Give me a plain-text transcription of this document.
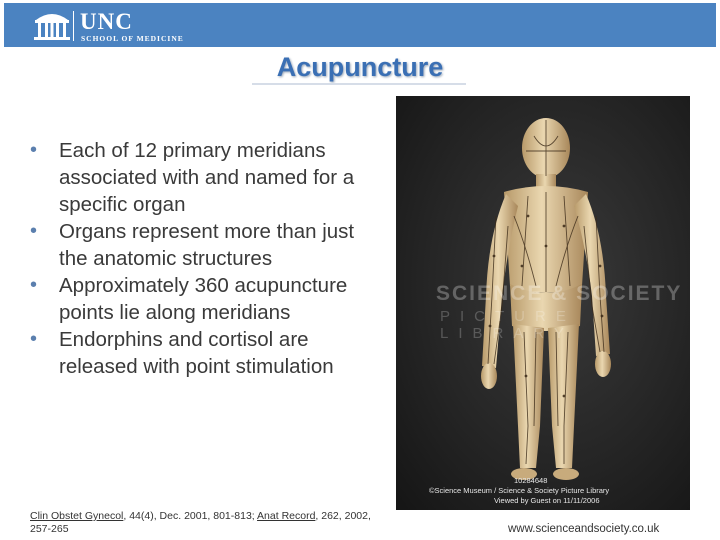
UNC
SCHOOL OF MEDICINE
Acupuncture
• Each of 12 primary meridians associated with and named for a specific organ
• Organs represent more than just the anatomic structures
• Approximately 360 acupuncture points lie along meridians
• Endorphins and cortisol are released with point stimulation
SCIENCE & SOCIETY
PICTURE LIBRARY
10284648
©Science Museum / Science & Society Picture Library
Viewed by Guest on 11/11/2006
Clin Obstet Gynecol, 44(4), Dec. 2001, 801-813; Anat Record, 262, 2002, 257-265	www.scienceandsociety.co.uk
